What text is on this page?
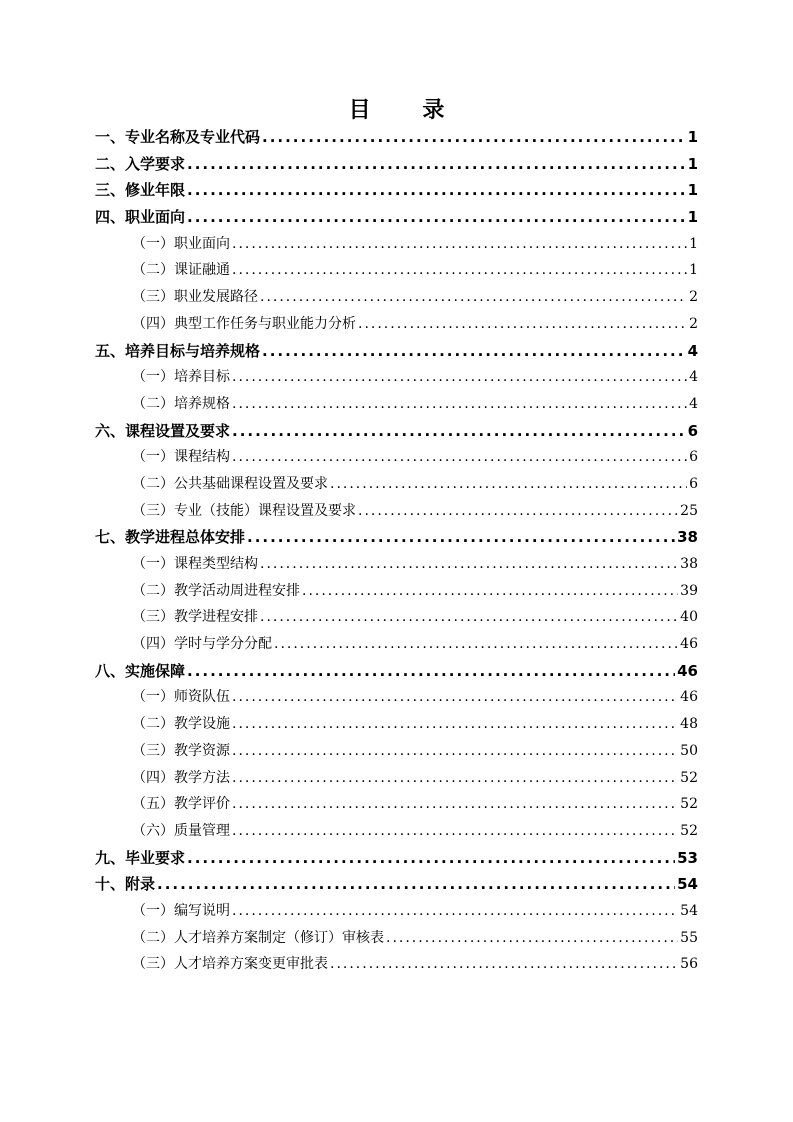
目 录
一、专业名称及专业代码 .....	1
二、入学要求 .....	1
三、修业年限 .....	1
四、职业面向 .....	1
（一）职业面向 .....	1
（二）课证融通 .....	1
（三）职业发展路径 .....	2
（四）典型工作任务与职业能力分析 .....	2
五、培养目标与培养规格 .....	4
（一）培养目标 .....	4
（二）培养规格 .....	4
六、课程设置及要求 .....	6
（一）课程结构 .....	6
（二）公共基础课程设置及要求 .....	6
（三）专业（技能）课程设置及要求 .....	25
七、教学进程总体安排 .....	38
（一）课程类型结构 .....	38
（二）教学活动周进程安排 .....	39
（三）教学进程安排 .....	40
（四）学时与学分分配 .....	46
八、实施保障 .....	46
（一）师资队伍 .....	46
（二）教学设施 .....	48
（三）教学资源 .....	50
（四）教学方法 .....	52
（五）教学评价 .....	52
（六）质量管理 .....	52
九、毕业要求 .....	53
十、附录 .....	54
（一）编写说明 .....	54
（二）人才培养方案制定（修订）审核表 .....	55
（三）人才培养方案变更审批表 .....	56
